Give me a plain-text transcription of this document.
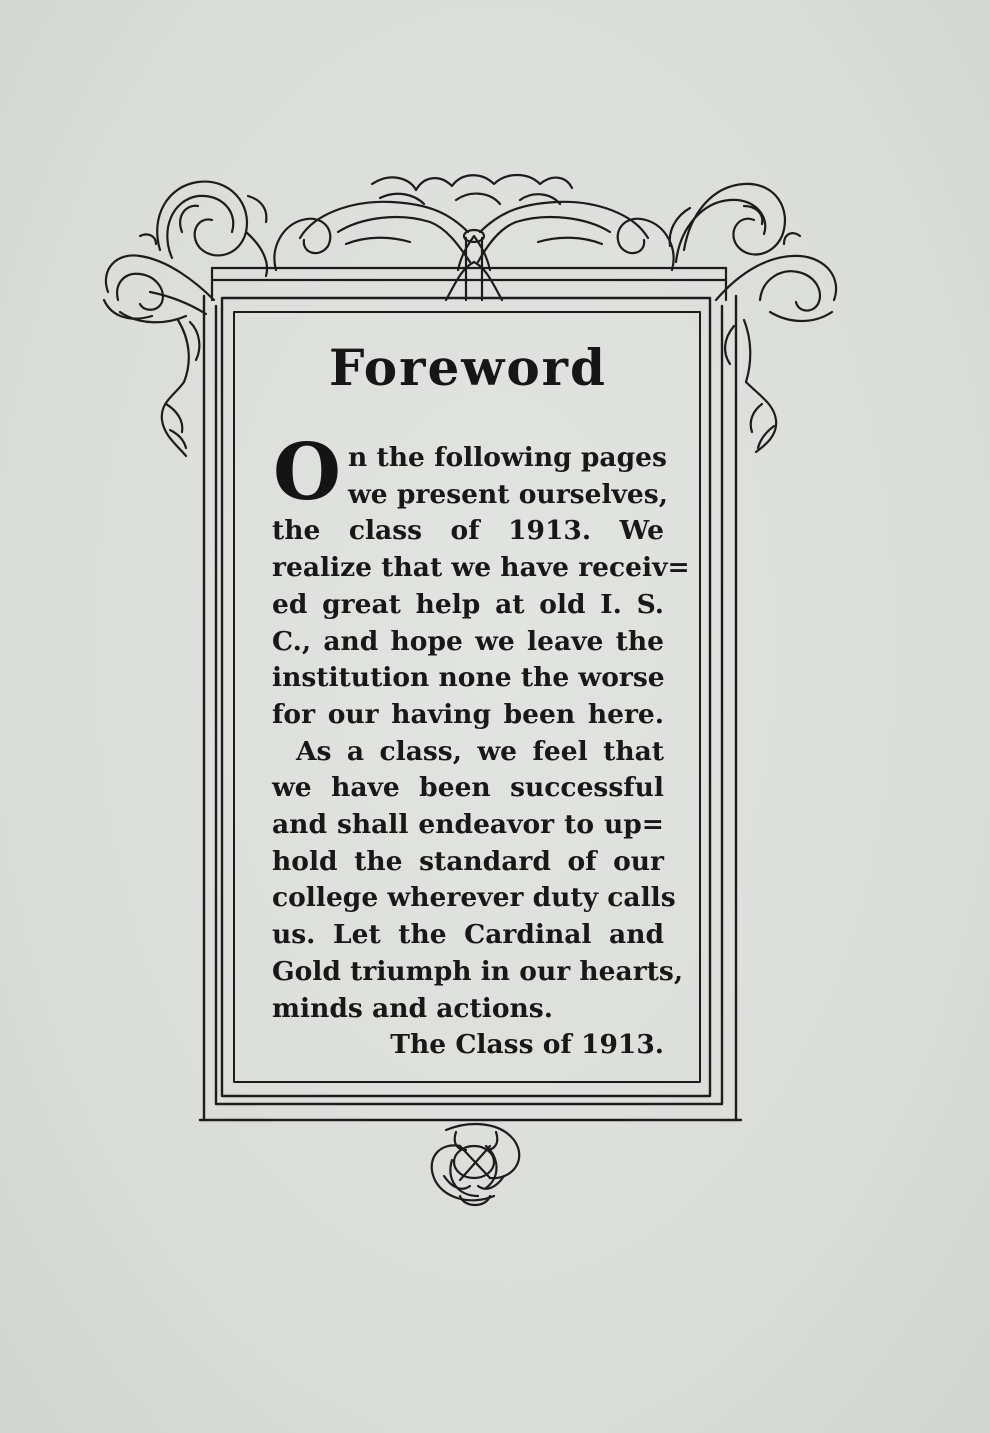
Foreword
O n the following pages
we present ourselves,
the class of 1913. We
realize that we have receiv=
ed great help at old I. S.
C., and hope we leave the
institution none the worse
for our having been here.
As a class, we feel that
we have been successful
and shall endeavor to up=
hold the standard of our
college wherever duty calls
us. Let the Cardinal and
Gold triumph in our hearts,
minds and actions.
The Class of 1913.
